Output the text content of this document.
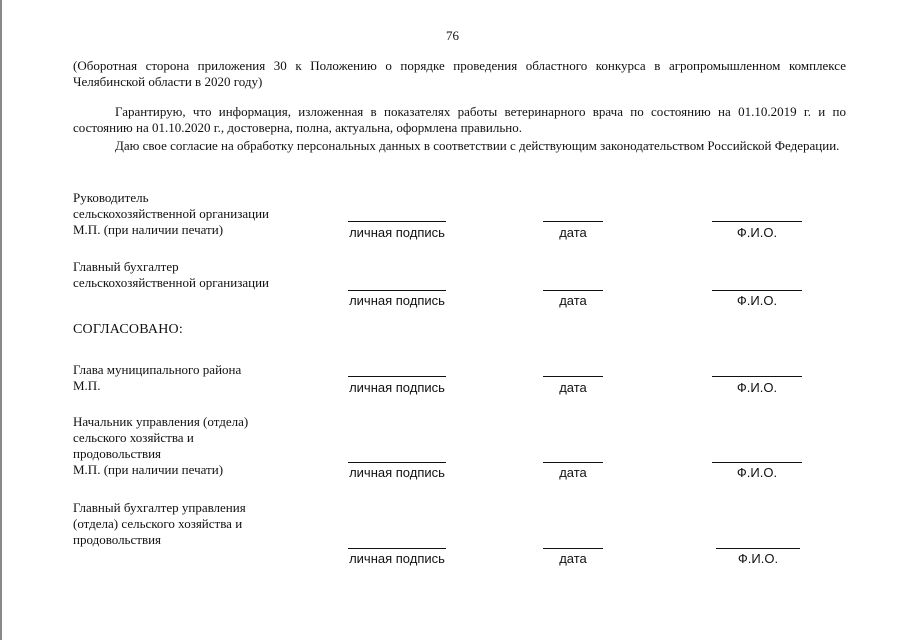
76

(Оборотная сторона приложения 30 к Положению о порядке проведения областного конкурса в агропромышленном комплексе Челябинской области в 2020 году)

Гарантирую, что информация, изложенная в показателях работы ветеринарного врача по состоянию на 01.10.2019 г. и по состоянию на 01.10.2020 г., достоверна, полна, актуальна, оформлена правильно.

Даю свое согласие на обработку персональных данных в соответствии с действующим законодательством Российской Федерации.

Руководитель
сельскохозяйственной организации
М.П. (при наличии печати)	личная подпись	дата	Ф.И.О.
Главный бухгалтер
сельскохозяйственной организации
личная подпись	дата	Ф.И.О.
СОГЛАСОВАНО:
Глава муниципального района
М.П.	личная подпись	дата	Ф.И.О.
Начальник управления (отдела)
сельского хозяйства и
продовольствия
М.П. (при наличии печати)	личная подпись	дата	Ф.И.О.
Главный бухгалтер управления
(отдела) сельского хозяйства и
продовольствия
личная подпись	дата	Ф.И.О.
